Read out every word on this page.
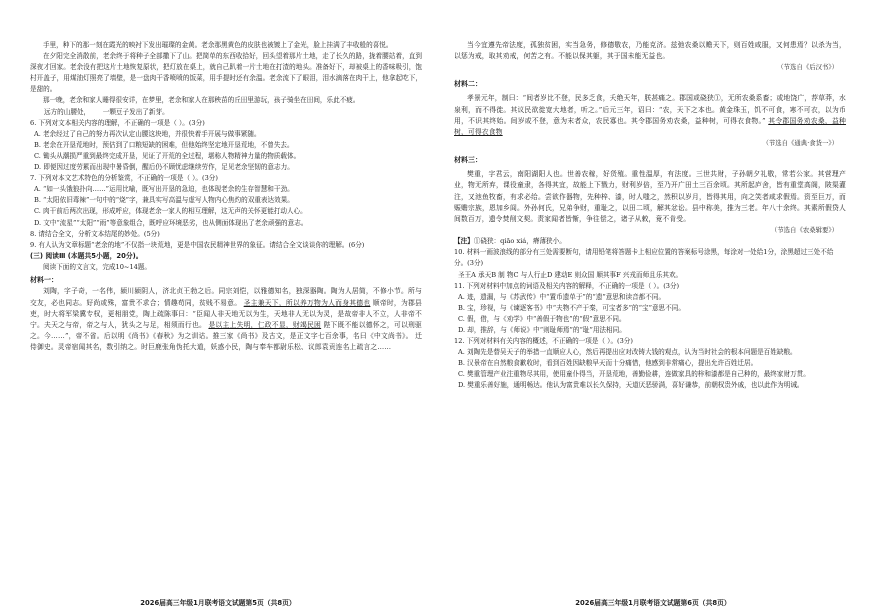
手里，种下的那一刻在霞光的映衬下发出璀璨的金黄。老余那黑黄色的皮肤也被镀上了金光，脸上挂满了丰收般的喜悦。

在夕阳完全消散前，老余终于将种子全部撒下了山。把简单的东西收拾好，回头望着那片土地，走了长久的路，拢着腰站着，直到深夜才回家。老余没有把这片土地恢复原状，把灯放在桌上，就自己趴着一片土地在打渣的地头。准备好下，却被桌上的香味吸引，饱村开盖子，用煤油灯照亮了墙壁，是一盘肉干香喷喷的饭菜，用手提时还有余温。老余流下了眼泪，泪水滴落在肉干上，他拿起吃下，是甜的。

那一晚，老余和家人睡得很安详，在梦里，老余和家人在那秧苗的丘田里游玩，孩子骑坐在田间，乐此不疲。

远方的山腰处，      一颗豆子发出了新芽。

6. 下列对文本相关内容的理解，不正确的一项是（ ）。(3分)

A. 老余经过了自己的努力再次认定山腰这块地，并很快着手开展与做事紧随。

B. 老余在开垦荒地时，预估到了口粮短缺的困难，但他始终坚定地开垦荒地，不曾失去。

C. 锄头从潮损严重到最终完成开垦，见证了开荒的全过程，堪称人物精神力量的物质载体。

D. 即便因过度劳累而出现中暑昏倒，醒后仍不顾忧虑继续劳作，足见老余坚韧的意志力。

7. 下列对本文艺术特色的分析鉴赏，不正确的一项是（ ）。(3分)

A. “如一头饿狼扑向……”运用比喻，既写出开垦的急迫，也体现老余的生存智慧和干劲。

B. “太阳依旧毒辣”一句中的“烧”字，兼具实写高温与虚写人物内心焦灼的双重表达效果。

C. 肉干前后两次出现，形成呼应，体现老余一家人的相互理解，这无声的关怀更能打动人心。

D. 文中“流星”“太阳”“雨”等意象组合，既呼应环境恶劣，也从侧面体现出了老余顽强的意志。

8. 请结合全文，分析文本结尾的妙处。(5分)

9. 有人认为文章标题“老余的地”不仅指一块荒地，更是中国农民精神世界的象征。请结合全文谈谈你的理解。(6分)

(三) 阅读Ⅲ (本题共5小题，20分)。

阅读下面的文言文，完成10~14题。

材料一：

刘陶，字子奇，一名伟，颍川颍阴人，济北贞王勃之后。同宗刘恺，以雅德知名，独深器陶。陶为人居简，不修小节。所与交友，必也同志。好尚或殊，富贵不求合；情趣苟同，贫贱不易意。 圣主兼天下，所以养万物为人而身其德也 顺帝时，为郡县吏，时大将军梁冀专权，更相朋党，陶上疏陈事曰：“臣闻人非天地无以为生，天地非人无以为灵，是故帝非人不立，人非帝不宁。夫天之与帝，帝之与人，犹头之与足，相须而行也。 是以主上失明，仁政不显，财竭民困 陛下既不能以德怀之，可以刑驱之。今……”，帝不省。后以明《尚书》《春秋》为之训诂。推三家《尚书》及古文，是正文字七百余事，名曰《中文尚书》。 迁侍御史。灵帝宿闻其名，数引纳之。时巨鹿张角伪托大道，妖惑小民，陶与奉车都尉乐松、议郎袁贡连名上疏言之……

2026届高三年级1月联考语文试题第5页（共8页）

当今宜遵先帝法度，孤独贫困，实当急务，修德敬农，乃能克济。兹弛农桑以赡天下，则百姓咸服，又何患焉？以杀为当，以惩为戒，取其劝戒，何苦之有。不能以保其躯，其于国未能无益也。

（节选自《后汉书》）

材料二：

孝景元年，制曰：“间者岁比不登，民多乏食，夭绝天年，朕甚痛之。郡国或硗狭①，无所农桑系畜；或地饶广，荐草莽，水泉利，而不得徙。其议民欲徙宽大地者，听之。”后元三年，诏曰：“农，天下之本也。黄金珠玉，饥不可食，寒不可衣，以为币用，不识其终始。间岁或不登，意为末者众，农民寡也。其令郡国务劝农桑，益种树，可得衣食物。” 其令郡国务劝农桑，益种树，可得衣食物

（节选自《通典·食货一》）

材料三：

樊重，字君云，南阳湖阳人也。世善农稼，好货殖。重性温厚，有法度。三世共财，子孙朝夕礼敬，常若公家。其营理产业，物无所弃，课役童隶，各得其宜，故能上下戮力，财利岁倍，至乃开广田土三百余顷。其所起庐舍，皆有重堂高阁，陂渠灌注，又池鱼牧畜，有求必给。尝欲作器物，先种梓、漆，时人嗤之，然积以岁月，皆得其用，向之笑者咸求假焉。资至巨万，而赈赡宗族，恩加乡闾。外孙何氏，兄弟争财，重耻之，以田二顷，解其忿讼。县中称美，推为三老。年八十余终。其素所假贷人间数百万，遗令焚削文契。责家闻者皆惭，争往偿之，诸子从敕，竟不肯受。

（节选自《农桑辑要》）

【注】①硗狭：qiāo xiá，瘠薄狭小。

10. 材料一画波浪线的部分有三处需要断句，请用铅笔将答题卡上相应位置的答案标号涂黑，每涂对一处给1分，涂黑超过三处不给分。(3分)

圣王A 承天B 制 物C 与人行止D 建动E 则众国 顺其事F 兴戎而师且乐其欢。

11. 下列对材料中加点的词语及相关内容的解释，不正确的一项是（ ）。(3分)

A. 迹，遗漏，与《苏武传》中“置币遗单于”的“遗”意思和读音都不同。

B. 宝，珍视，与《谏逐客书》中“夫物不产于秦，可宝者多”的“宝”意思不同。

C. 假，借，与《劝学》中“善假于物也”的“假”意思不同。

D. 却，推辞，与《师说》中“则耻师焉”的“耻”用法相同。

12. 下列对材料有关内容的概述，不正确的一项是（ ）。(3分)

A. 刘陶先是替吴天子的举措一直顺应人心，然后再提出应对改铸大钱的观点，认为当时社会的根本问题是百姓缺粮。

B. 汉景帝在自然粮食歉收时，看到百姓因缺粮早天而十分痛惜，他感到非常痛心，提出允许百姓迁居。

C. 樊重管理产业注重物尽其用，使用童仆得当，开垦荒地，善勤俭耕，连做家具的梓和漆都是自己种的，最终家财万贯。

D. 樊重乐善好施，通明畅达。他认为富贵难以长久保持，天道厌恶骄满，喜好谦恭，前朝权贵外戚，也以此作为明诫。

2026届高三年级1月联考语文试题第6页（共8页）
